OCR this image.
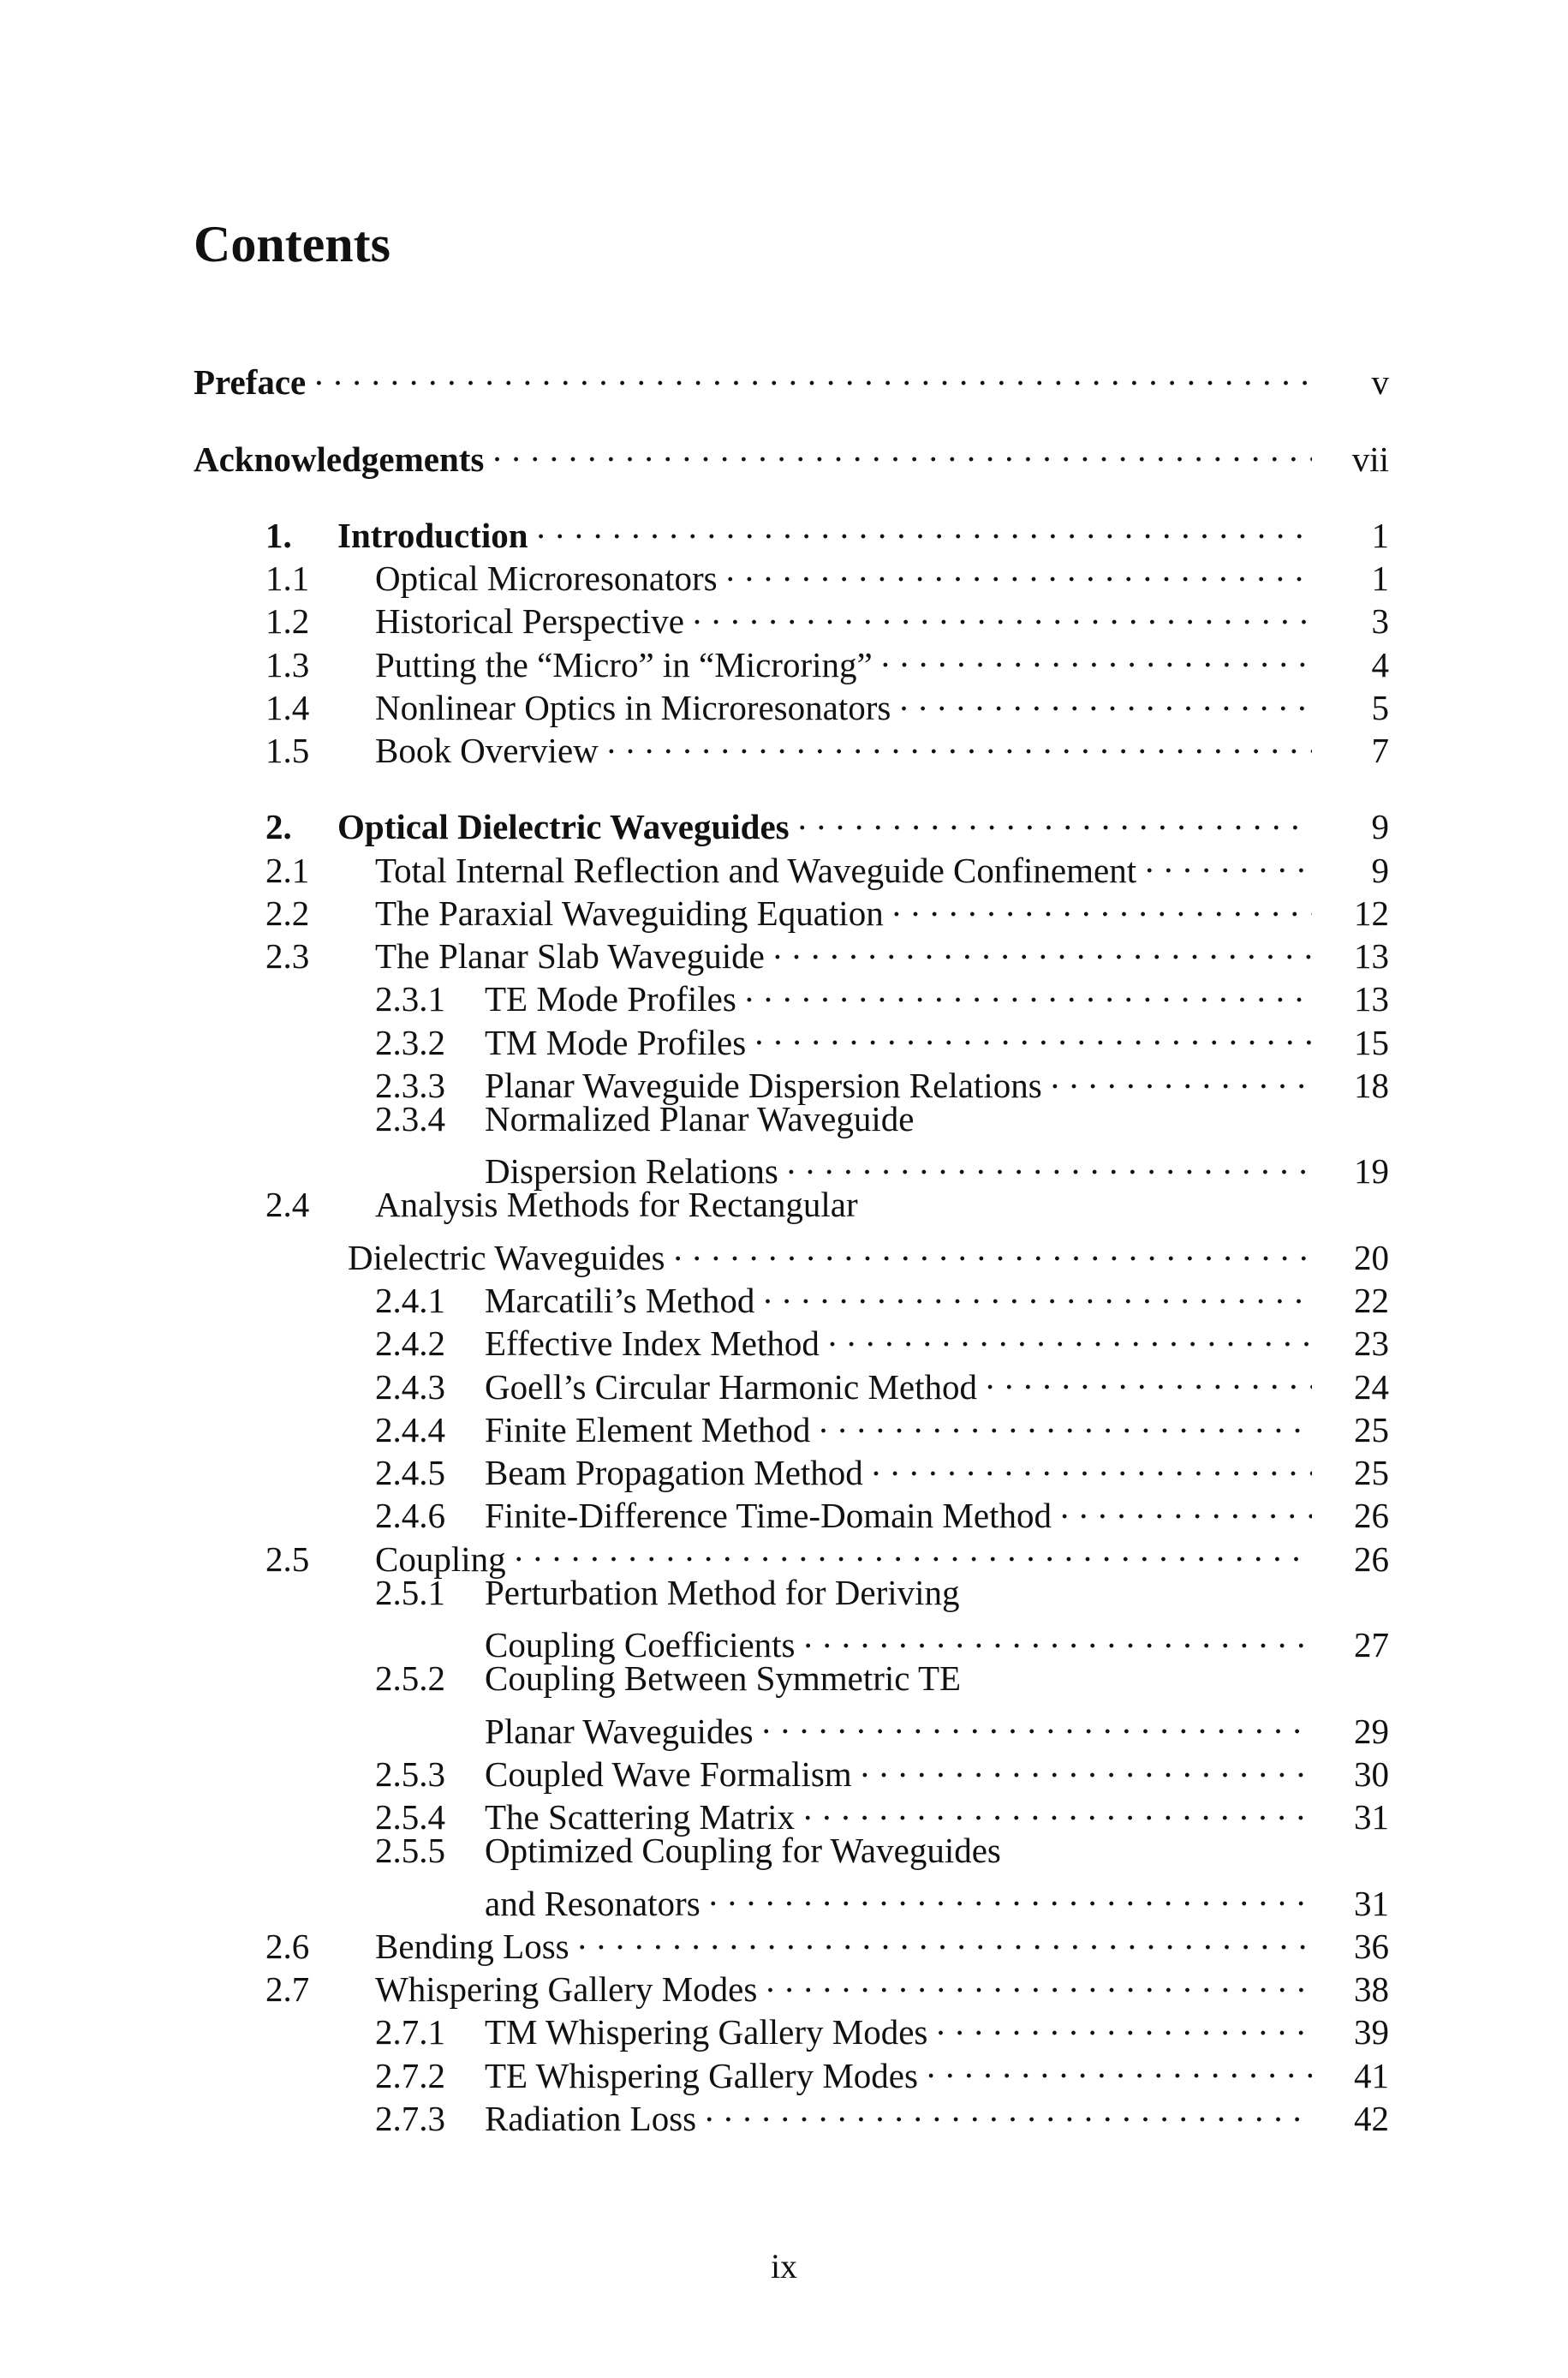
Contents
Preface . . .	v
Acknowledgements . . .	vii
1.	Introduction . . .	1
1.1	Optical Microresonators . . .	1
1.2	Historical Perspective . . .	3
1.3	Putting the “Micro” in “Microring” . . .	4
1.4	Nonlinear Optics in Microresonators . . .	5
1.5	Book Overview . . .	7
2.	Optical Dielectric Waveguides . . .	9
2.1	Total Internal Reflection and Waveguide Confinement . . .	9
2.2	The Paraxial Waveguiding Equation . . .	12
2.3	The Planar Slab Waveguide . . .	13
2.3.1	TE Mode Profiles . . .	13
2.3.2	TM Mode Profiles . . .	15
2.3.3	Planar Waveguide Dispersion Relations . . .	18
2.3.4	Normalized Planar Waveguide
Dispersion Relations . . .	19
2.4	Analysis Methods for Rectangular
Dielectric Waveguides . . .	20
2.4.1	Marcatili’s Method . . .	22
2.4.2	Effective Index Method . . .	23
2.4.3	Goell’s Circular Harmonic Method . . .	24
2.4.4	Finite Element Method . . .	25
2.4.5	Beam Propagation Method . . .	25
2.4.6	Finite-Difference Time-Domain Method . . .	26
2.5	Coupling . . .	26
2.5.1	Perturbation Method for Deriving
Coupling Coefficients . . .	27
2.5.2	Coupling Between Symmetric TE
Planar Waveguides . . .	29
2.5.3	Coupled Wave Formalism . . .	30
2.5.4	The Scattering Matrix . . .	31
2.5.5	Optimized Coupling for Waveguides
and Resonators . . .	31
2.6	Bending Loss . . .	36
2.7	Whispering Gallery Modes . . .	38
2.7.1	TM Whispering Gallery Modes . . .	39
2.7.2	TE Whispering Gallery Modes . . .	41
2.7.3	Radiation Loss . . .	42
ix
